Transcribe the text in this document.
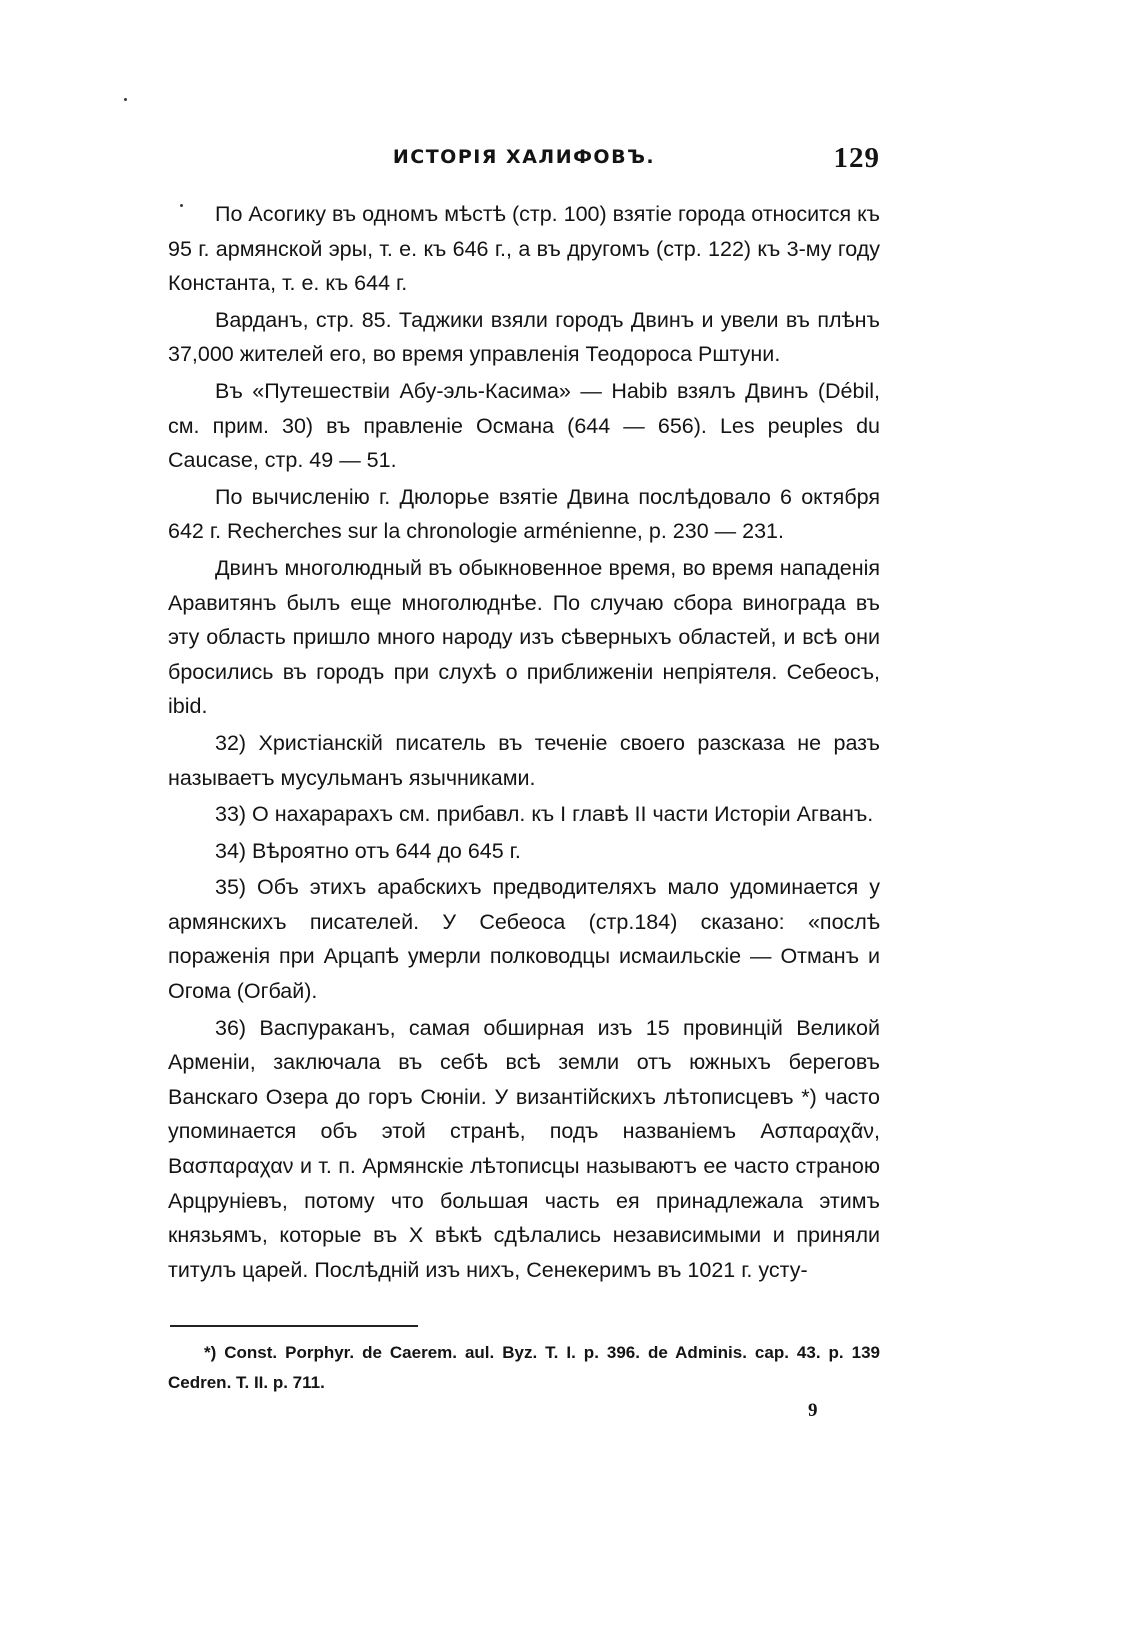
ИСТОРІЯ ХАЛИФОВЪ.	129

По Асогику въ одномъ мѣстѣ (стр. 100) взятіе города относится къ 95 г. армянской эры, т. е. къ 646 г., а въ другомъ (стр. 122) къ 3-му году Константа, т. е. къ 644 г.

Варданъ, стр. 85. Таджики взяли городъ Двинъ и увели въ плѣнъ 37,000 жителей его, во время управленія Теодороса Рштуни.

Въ «Путешествіи Абу-эль-Касима» — Habib взялъ Двинъ (Débil, см. прим. 30) въ правленіе Османа (644 — 656). Les peuples du Caucase, стр. 49 — 51.

По вычисленію г. Дюлорье взятіе Двина послѣдовало 6 октября 642 г. Recherches sur la chronologie arménienne, p. 230 — 231.

Двинъ многолюдный въ обыкновенное время, во время нападенія Аравитянъ былъ еще многолюднѣе. По случаю сбора винограда въ эту область пришло много народу изъ сѣверныхъ областей, и всѣ они бросились въ городъ при слухѣ о приближеніи непріятеля. Себеосъ, ibid.

32) Христіанскій писатель въ теченіе своего разсказа не разъ называетъ мусульманъ язычниками.

33) О нахарарахъ см. прибавл. къ I главѣ II части Исторіи Агванъ.

34) Вѣроятно отъ 644 до 645 г.

35) Объ этихъ арабскихъ предводителяхъ мало удоминается у армянскихъ писателей. У Себеоса (стр.184) сказано: «послѣ пораженія при Арцапѣ умерли полководцы исмаильскіе — Отманъ и Огома (Огбай).

36) Васпураканъ, самая обширная изъ 15 провинцій Великой Арменіи, заключала въ себѣ всѣ земли отъ южныхъ береговъ Ванскаго Озера до горъ Сюніи. У византійскихъ лѣтописцевъ *) часто упоминается объ этой странѣ, подъ названіемъ Ασπαραχᾶν, Βασπαραχαν и т. п. Армянскіе лѣтописцы называютъ ее часто страною Арцруніевъ, потому что большая часть ея принадлежала этимъ князьямъ, которые въ X вѣкѣ сдѣлались независимыми и приняли титулъ царей. Послѣдній изъ нихъ, Сенекеримъ въ 1021 г. усту-

*) Const. Porphyr. de Caerem. aul. Byz. T. I. p. 396. de Adminis. cap. 43. p. 139 Cedren. T. II. p. 711.
9
